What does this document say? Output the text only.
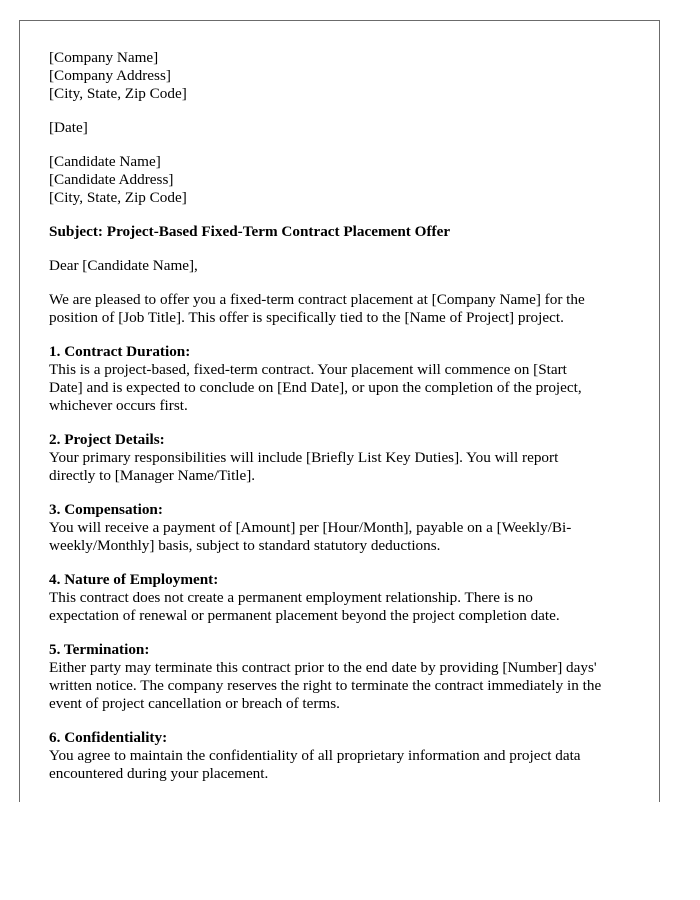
[Company Name]
[Company Address]
[City, State, Zip Code]
[Date]
[Candidate Name]
[Candidate Address]
[City, State, Zip Code]
Subject: Project-Based Fixed-Term Contract Placement Offer
Dear [Candidate Name],
We are pleased to offer you a fixed-term contract placement at [Company Name] for the
position of [Job Title]. This offer is specifically tied to the [Name of Project] project.
1. Contract Duration:
This is a project-based, fixed-term contract. Your placement will commence on [Start
Date] and is expected to conclude on [End Date], or upon the completion of the project,
whichever occurs first.
2. Project Details:
Your primary responsibilities will include [Briefly List Key Duties]. You will report
directly to [Manager Name/Title].
3. Compensation:
You will receive a payment of [Amount] per [Hour/Month], payable on a [Weekly/Bi-
weekly/Monthly] basis, subject to standard statutory deductions.
4. Nature of Employment:
This contract does not create a permanent employment relationship. There is no
expectation of renewal or permanent placement beyond the project completion date.
5. Termination:
Either party may terminate this contract prior to the end date by providing [Number] days'
written notice. The company reserves the right to terminate the contract immediately in the
event of project cancellation or breach of terms.
6. Confidentiality:
You agree to maintain the confidentiality of all proprietary information and project data
encountered during your placement.
